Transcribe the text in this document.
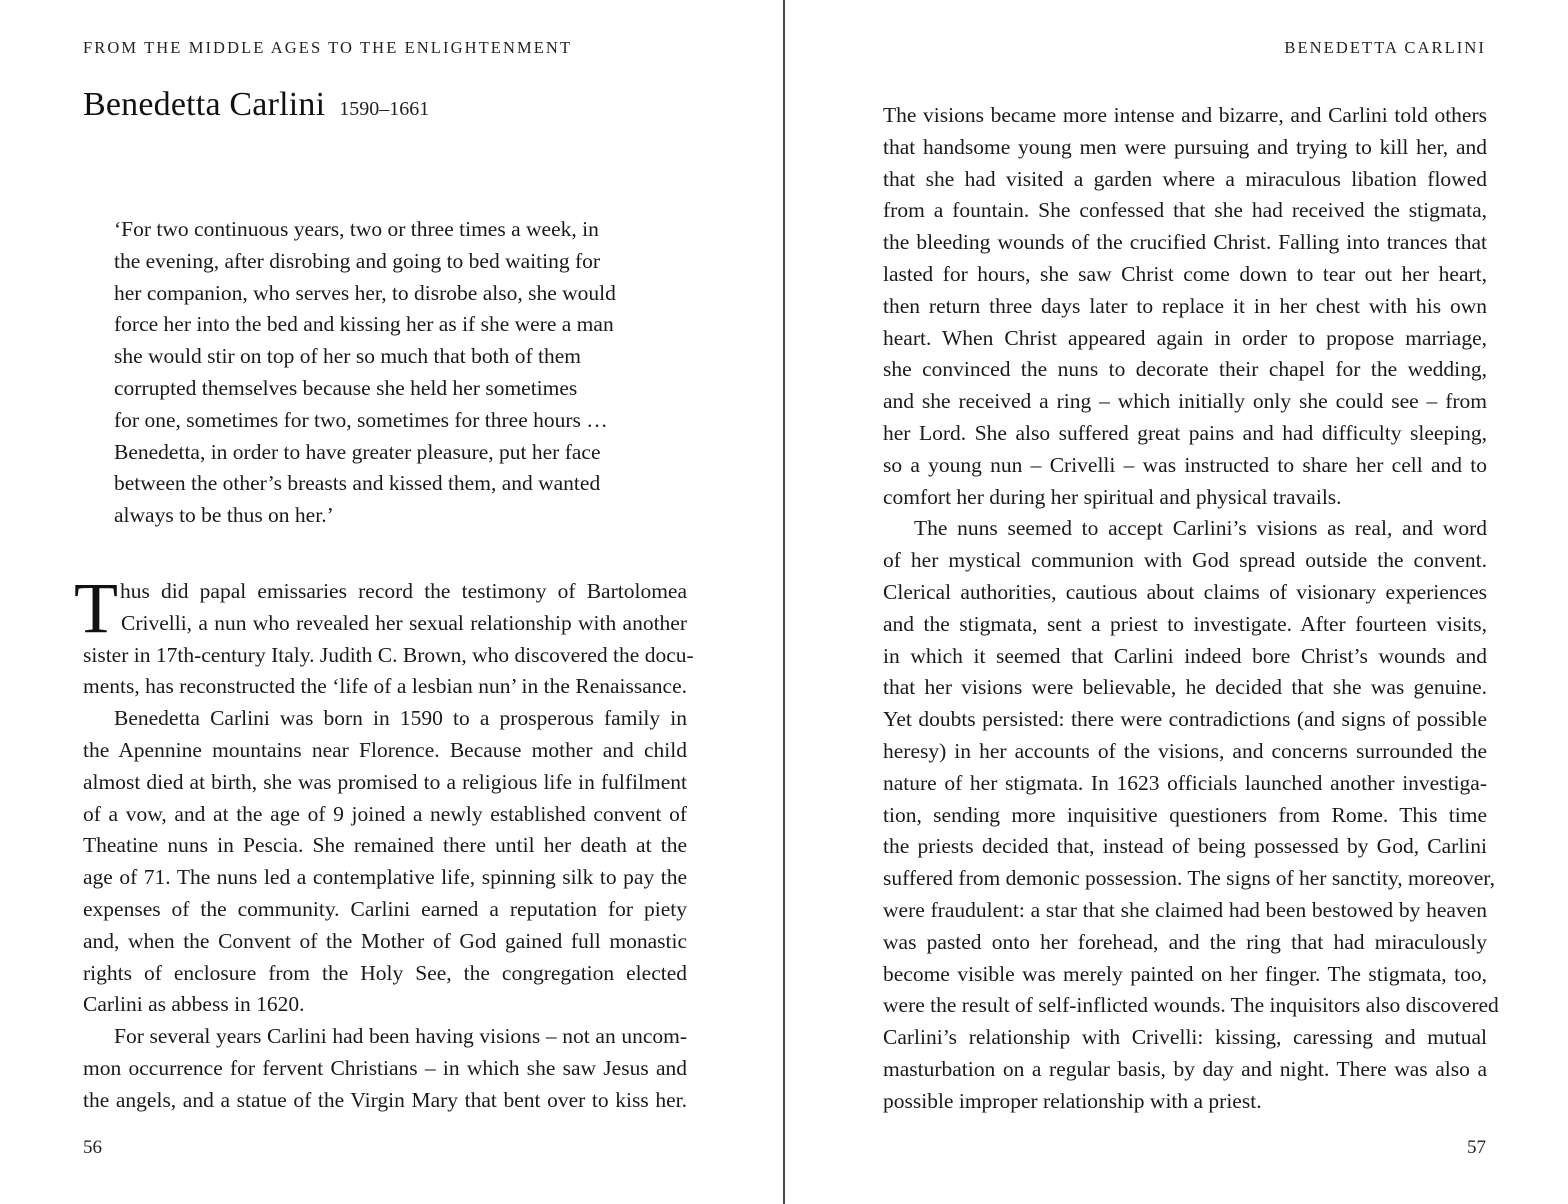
FROM THE MIDDLE AGES TO THE ENLIGHTENMENT
Benedetta Carlini 1590–1661
‘For two continuous years, two or three times a week, in
the evening, after disrobing and going to bed waiting for
her companion, who serves her, to disrobe also, she would
force her into the bed and kissing her as if she were a man
she would stir on top of her so much that both of them
corrupted themselves because she held her sometimes
for one, sometimes for two, sometimes for three hours …
Benedetta, in order to have greater pleasure, put her face
between the other’s breasts and kissed them, and wanted
always to be thus on her.’
T hus did papal emissaries record the testimony of Bartolomea
Crivelli, a nun who revealed her sexual relationship with another
sister in 17th-century Italy. Judith C. Brown, who discovered the docu-
ments, has reconstructed the ‘life of a lesbian nun’ in the Renaissance.
Benedetta Carlini was born in 1590 to a prosperous family in
the Apennine mountains near Florence. Because mother and child
almost died at birth, she was promised to a religious life in fulfilment
of a vow, and at the age of 9 joined a newly established convent of
Theatine nuns in Pescia. She remained there until her death at the
age of 71. The nuns led a contemplative life, spinning silk to pay the
expenses of the community. Carlini earned a reputation for piety
and, when the Convent of the Mother of God gained full monastic
rights of enclosure from the Holy See, the congregation elected
Carlini as abbess in 1620.
For several years Carlini had been having visions – not an uncom-
mon occurrence for fervent Christians – in which she saw Jesus and
the angels, and a statue of the Virgin Mary that bent over to kiss her.
56
BENEDETTA CARLINI
The visions became more intense and bizarre, and Carlini told others
that handsome young men were pursuing and trying to kill her, and
that she had visited a garden where a miraculous libation flowed
from a fountain. She confessed that she had received the stigmata,
the bleeding wounds of the crucified Christ. Falling into trances that
lasted for hours, she saw Christ come down to tear out her heart,
then return three days later to replace it in her chest with his own
heart. When Christ appeared again in order to propose marriage,
she convinced the nuns to decorate their chapel for the wedding,
and she received a ring – which initially only she could see – from
her Lord. She also suffered great pains and had difficulty sleeping,
so a young nun – Crivelli – was instructed to share her cell and to
comfort her during her spiritual and physical travails.
The nuns seemed to accept Carlini’s visions as real, and word
of her mystical communion with God spread outside the convent.
Clerical authorities, cautious about claims of visionary experiences
and the stigmata, sent a priest to investigate. After fourteen visits,
in which it seemed that Carlini indeed bore Christ’s wounds and
that her visions were believable, he decided that she was genuine.
Yet doubts persisted: there were contradictions (and signs of possible
heresy) in her accounts of the visions, and concerns surrounded the
nature of her stigmata. In 1623 officials launched another investiga-
tion, sending more inquisitive questioners from Rome. This time
the priests decided that, instead of being possessed by God, Carlini
suffered from demonic possession. The signs of her sanctity, moreover,
were fraudulent: a star that she claimed had been bestowed by heaven
was pasted onto her forehead, and the ring that had miraculously
become visible was merely painted on her finger. The stigmata, too,
were the result of self-inflicted wounds. The inquisitors also discovered
Carlini’s relationship with Crivelli: kissing, caressing and mutual
masturbation on a regular basis, by day and night. There was also a
possible improper relationship with a priest.
57
